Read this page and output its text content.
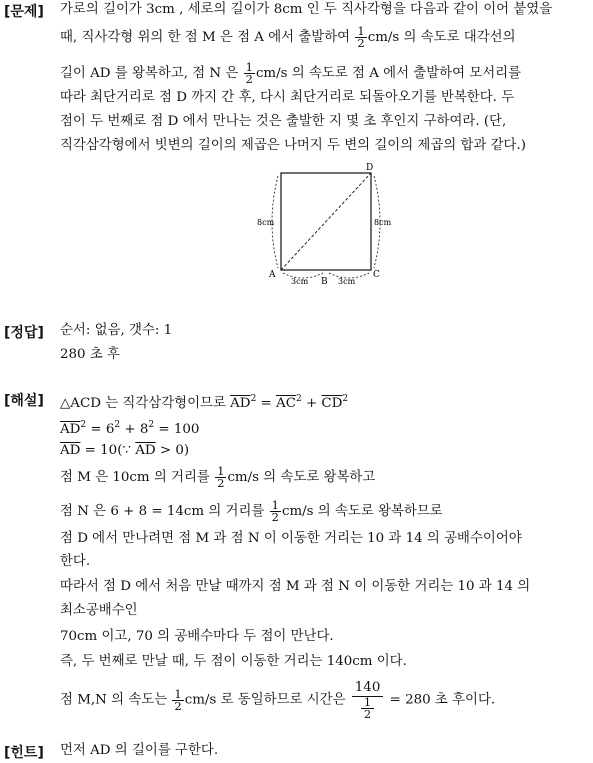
[문제] 가로의 길이가 3cm , 세로의 길이가 8cm 인 두 직사각형을 다음과 같이 이어 붙였을
때, 직사각형 위의 한 점 M 은 점 A 에서 출발하여 $\frac{1}{2} cm/s$ 의 속도로 대각선의
길이 AD 를 왕복하고, 점 N 은 $\frac{1}{2} cm/s$ 의 속도로 점 A 에서 출발하여 모서리를
따라 최단거리로 점 D 까지 간 후, 다시 최단거리로 되돌아오기를 반복한다. 두
점이 두 번째로 점 D 에서 만나는 것은 출발한 지 몇 초 후인지 구하여라. (단,
직각삼각형에서 빗변의 길이의 제곱은 나머지 두 변의 길이의 제곱의 합과 같다.)
D
A
B
C
8cm	8cm
3cm	3cm
[정답] 순서: 없음, 갯수: 1
280 초 후
[해설] △ACD 는 직각삼각형이므로 $\overline{AD}^2 = \overline{AC}^2 + \overline{CD}^2$
$\overline{AD}^2 = 6^2 + 8^2 = 100$
$\overline{AD}$ = 10(∵ $\overline{AD} > 0$)
점 M 은 10cm 의 거리를 $\frac{1}{2} cm/s$ 의 속도로 왕복하고
점 N 은 6 + 8 = 14cm 의 거리를 $\frac{1}{2} cm/s$ 의 속도로 왕복하므로
점 D 에서 만나려면 점 M 과 점 N 이 이동한 거리는 10 과 14 의 공배수이어야
한다.
따라서 점 D 에서 처음 만날 때까지 점 M 과 점 N 이 이동한 거리는 10 과 14 의
최소공배수인
70cm 이고, 70 의 공배수마다 두 점이 만난다.
즉, 두 번째로 만날 때, 두 점이 이동한 거리는 140cm 이다.
점 M,N 의 속도는 $\frac{1}{2} cm/s$ 로 동일하므로 시간은 $\frac{140}{\frac{1}{2}} = 280$ 초 후이다.
[힌트] 먼저 AD 의 길이를 구한다.
